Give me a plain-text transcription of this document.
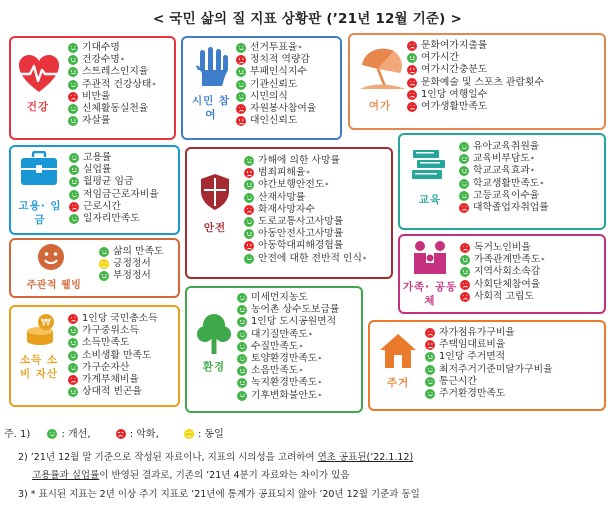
< 국민 삶의 질 지표 상황판 (’21년 12월 기준) >
건강
기대수명
건강수명 *
스트레스인지율
주관적 건강상태 *
비만율
신체활동실천율
자살률
시민 참여
선거투표율 *
정치적 역량감
부패인식지수
기관신뢰도
시민의식
자원봉사참여율
대인신뢰도
여가
문화여가지출률
여가시간
여가시간충분도
문화예술 및 스포츠 관람횟수
1인당 여행일수
여가생활만족도
고용· 임금
고용률
실업률
월평균 임금
저임금근로자비율
근로시간
일자리만족도
안전
가해에 의한 사망률
범죄피해율 *
야간보행안전도 *
산재사망률
화재사망자수
도로교통사고사망률
아동안전사고사망률
아동학대피해경험률
안전에 대한 전반적 인식 *
교육
유아교육취원율
교육비부담도 *
학교교육효과 *
학교생활만족도 *
고등교육이수율
대학졸업자취업률
주관적 웰빙
삶의 만족도
긍정정서
부정정서
가족· 공동체
독거노인비율
가족관계만족도 *
지역사회소속감
사회단체참여율
사회적 고립도
₩
소득 소비 자산
1인당 국민총소득
가구중위소득
소득만족도
소비생활 만족도
가구순자산
가계부채비율
상대적 빈곤율
환경
미세먼지농도
농어촌 상수도보급률
1인당 도시공원면적
대기질만족도 *
수질만족도 *
토양환경만족도 *
소음만족도 *
녹지환경만족도 *
기후변화불안도 *
주거
자가점유가구비율
주택임대료비율
1인당 주거면적
최저주거기준미달가구비율
통근시간
주거환경만족도
주. 1)	: 개선,	: 악화,	: 동일
2) ’21년 12월 말 기준으로 작성된 자료이나, 지표의 시의성을 고려하여 연초 공표된(’22.1.12)
고용률과 실업률이 반영된 결과로, 기존의 ’21년 4분기 자료와는 차이가 있음
3) * 표시된 지표는 2년 이상 주기 지표로 ’21년에 통계가 공표되지 않아 ’20년 12월 기준과 동일
